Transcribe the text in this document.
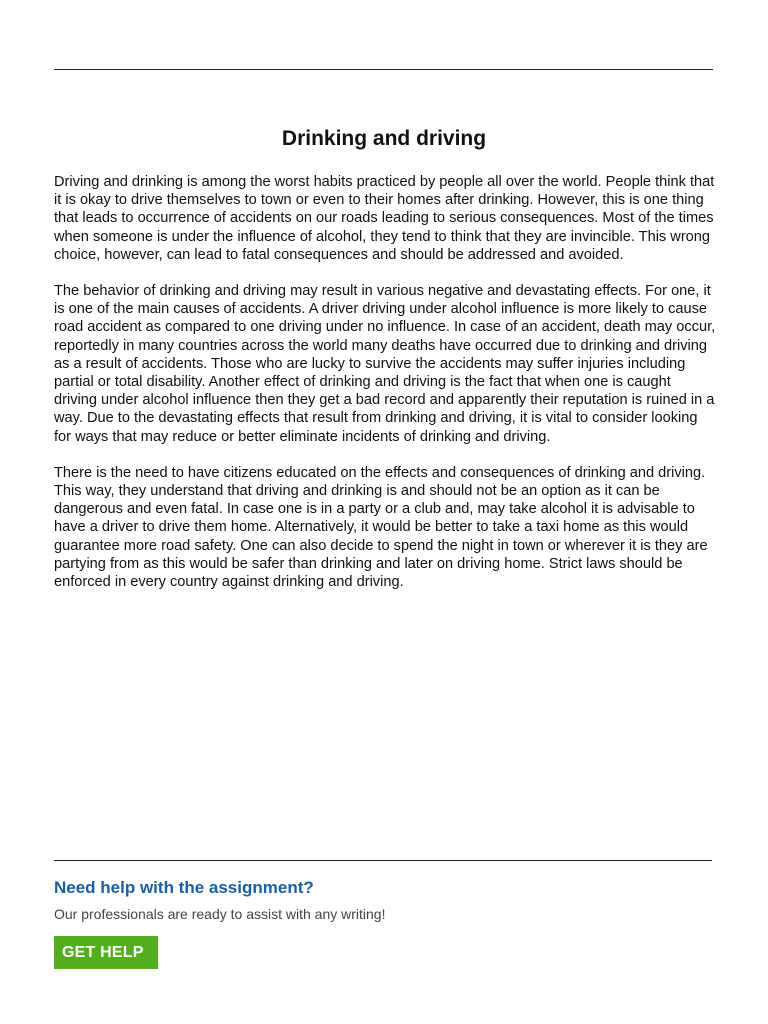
Drinking and driving

Driving and drinking is among the worst habits practiced by people all over the world. People think that it is okay to drive themselves to town or even to their homes after drinking. However, this is one thing that leads to occurrence of accidents on our roads leading to serious consequences. Most of the times when someone is under the influence of alcohol, they tend to think that they are invincible. This wrong choice, however, can lead to fatal consequences and should be addressed and avoided.

The behavior of drinking and driving may result in various negative and devastating effects. For one, it is one of the main causes of accidents. A driver driving under alcohol influence is more likely to cause road accident as compared to one driving under no influence. In case of an accident, death may occur, reportedly in many countries across the world many deaths have occurred due to drinking and driving as a result of accidents. Those who are lucky to survive the accidents may suffer injuries including partial or total disability. Another effect of drinking and driving is the fact that when one is caught driving under alcohol influence then they get a bad record and apparently their reputation is ruined in a way. Due to the devastating effects that result from drinking and driving, it is vital to consider looking for ways that may reduce or better eliminate incidents of drinking and driving.

There is the need to have citizens educated on the effects and consequences of drinking and driving. This way, they understand that driving and drinking is and should not be an option as it can be dangerous and even fatal. In case one is in a party or a club and, may take alcohol it is advisable to have a driver to drive them home. Alternatively, it would be better to take a taxi home as this would guarantee more road safety. One can also decide to spend the night in town or wherever it is they are partying from as this would be safer than drinking and later on driving home. Strict laws should be enforced in every country against drinking and driving.

Need help with the assignment?

Our professionals are ready to assist with any writing!

GET HELP
